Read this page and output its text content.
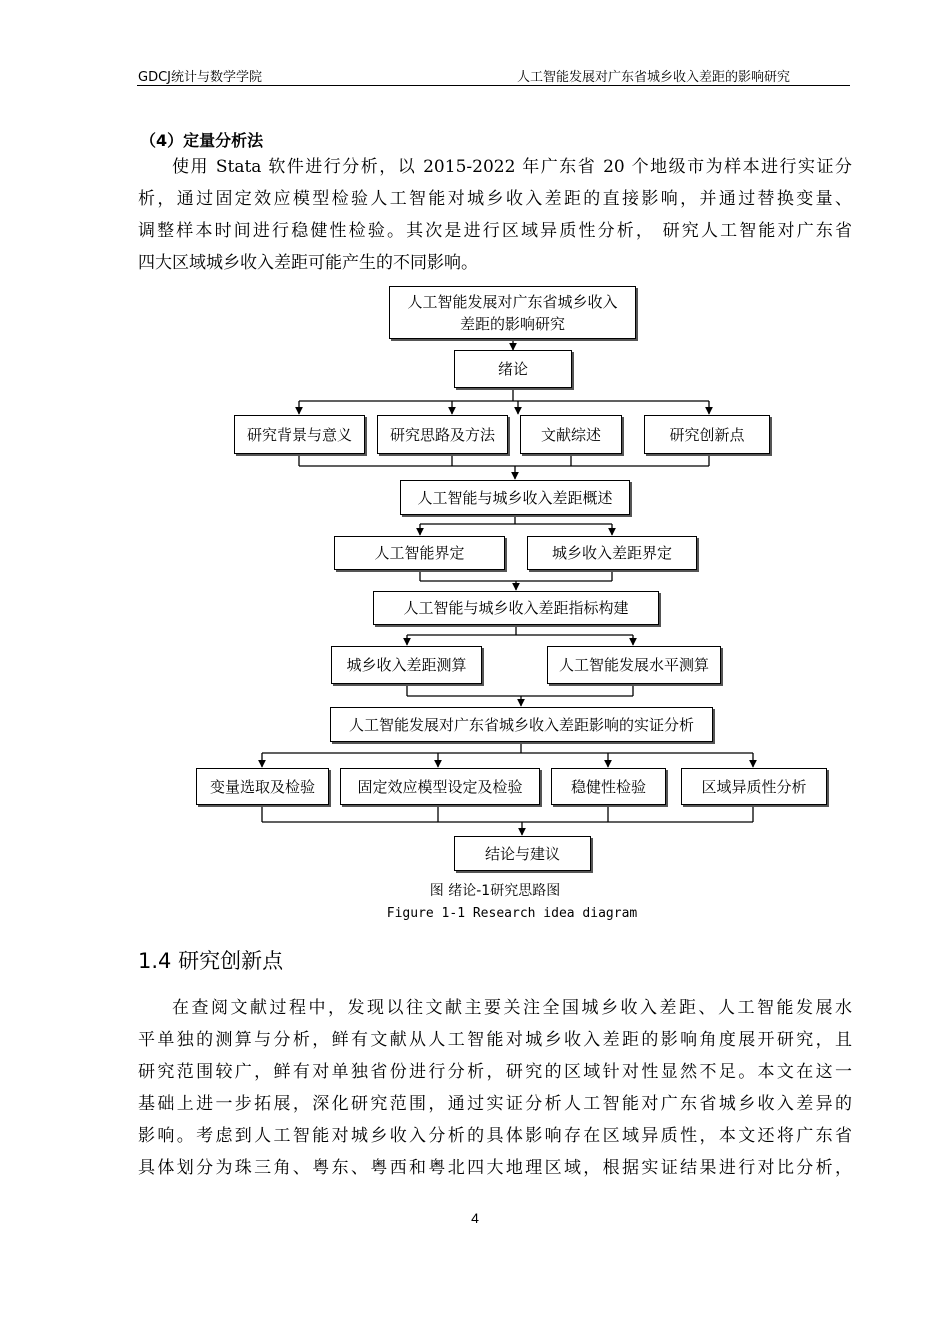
GDCJ统计与数学学院	人工智能发展对广东省城乡收入差距的影响研究
（4）定量分析法

使用 Stata 软件进行分析，以 2015-2022 年广东省 20 个地级市为样本进行实证分
析，通过固定效应模型检验人工智能对城乡收入差距的直接影响，并通过替换变量、
调整样本时间进行稳健性检验。其次是进行区域异质性分析， 研究人工智能对广东省
四大区域城乡收入差距可能产生的不同影响。

人工智能发展对广东省城乡收入
差距的影响研究
绪论
研究背景与意义	研究思路及方法	文献综述	研究创新点
人工智能与城乡收入差距概述
人工智能界定	城乡收入差距界定
人工智能与城乡收入差距指标构建
城乡收入差距测算	人工智能发展水平测算
人工智能发展对广东省城乡收入差距影响的实证分析
变量选取及检验	固定效应模型设定及检验	稳健性检验	区域异质性分析
结论与建议
图 绪论-1研究思路图
Figure 1-1 Research idea diagram
1.4 研究创新点

在查阅文献过程中，发现以往文献主要关注全国城乡收入差距、人工智能发展水
平单独的测算与分析，鲜有文献从人工智能对城乡收入差距的影响角度展开研究，且
研究范围较广，鲜有对单独省份进行分析，研究的区域针对性显然不足。本文在这一
基础上进一步拓展，深化研究范围，通过实证分析人工智能对广东省城乡收入差异的
影响。考虑到人工智能对城乡收入分析的具体影响存在区域异质性，本文还将广东省
具体划分为珠三角、粤东、粤西和粤北四大地理区域，根据实证结果进行对比分析，

4
